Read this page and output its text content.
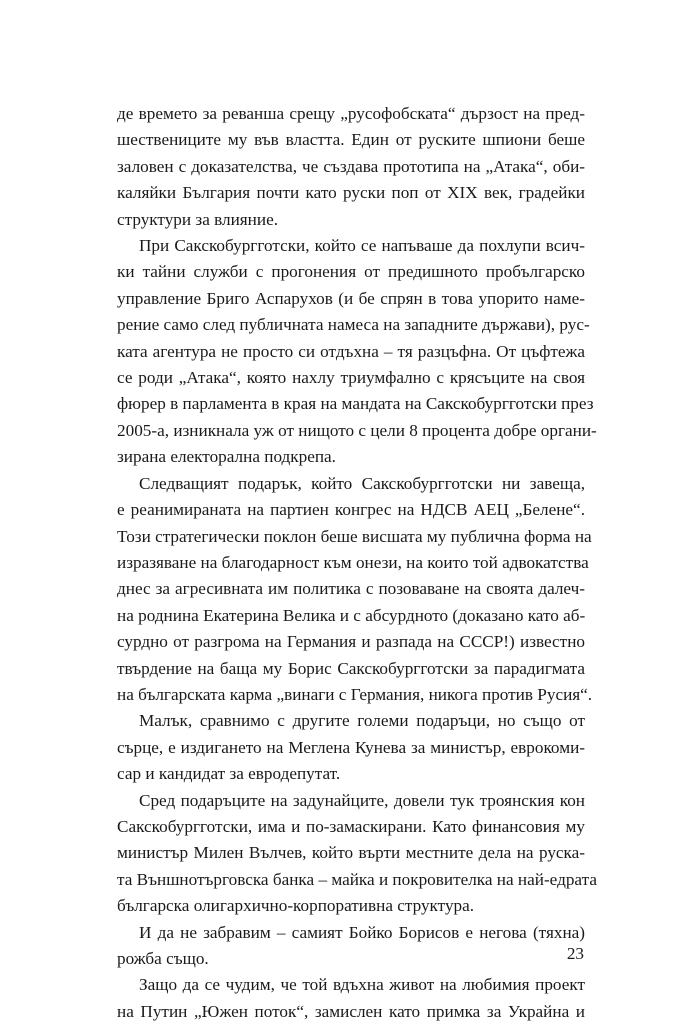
де времето за реванша срещу „русофобската“ дързост на пред-
шествениците му във властта. Един от руските шпиони беше
заловен с доказателства, че създава прототипа на „Атака“, оби-
каляйки България почти като руски поп от XIX век, градейки
структури за влияние.
При Сакскобургготски, който се напъваше да похлупи всич-
ки тайни служби с прогонения от предишното пробългарско
управление Бриго Аспарухов (и бе спрян в това упорито наме-
рение само след публичната намеса на западните държави), рус-
ката агентура не просто си отдъхна – тя разцъфна. От цъфтежа
се роди „Атака“, която нахлу триумфално с крясъците на своя
фюрер в парламента в края на мандата на Сакскобургготски през
2005-а, изникнала уж от нищото с цели 8 процента добре органи-
зирана електорална подкрепа.
Следващият подарък, който Сакскобургготски ни завеща,
е реанимираната на партиен конгрес на НДСВ АЕЦ „Белене“.
Този стратегически поклон беше висшата му публична форма на
изразяване на благодарност към онези, на които той адвокатства
днес за агресивната им политика с позоваване на своята далеч-
на роднина Екатерина Велика и с абсурдното (доказано като аб-
сурдно от разгрома на Германия и разпада на СССР!) известно
твърдение на баща му Борис Сакскобургготски за парадигмата
на българската карма „винаги с Германия, никога против Русия“.
Малък, сравнимо с другите големи подаръци, но също от
сърце, е издигането на Меглена Кунева за министър, еврокоми-
сар и кандидат за евродепутат.
Сред подаръците на задунайците, довели тук троянския кон
Сакскобургготски, има и по-замаскирани. Като финансовия му
министър Милен Вълчев, който върти местните дела на руска-
та Външнотърговска банка – майка и покровителка на най-едрата
българска олигархично-корпоративна структура.
И да не забравим – самият Бойко Борисов е негова (тяхна)
рожба също.
Защо да се чудим, че той вдъхна живот на любимия проект
на Путин „Южен поток“, замислен като примка за Украйна и
23
